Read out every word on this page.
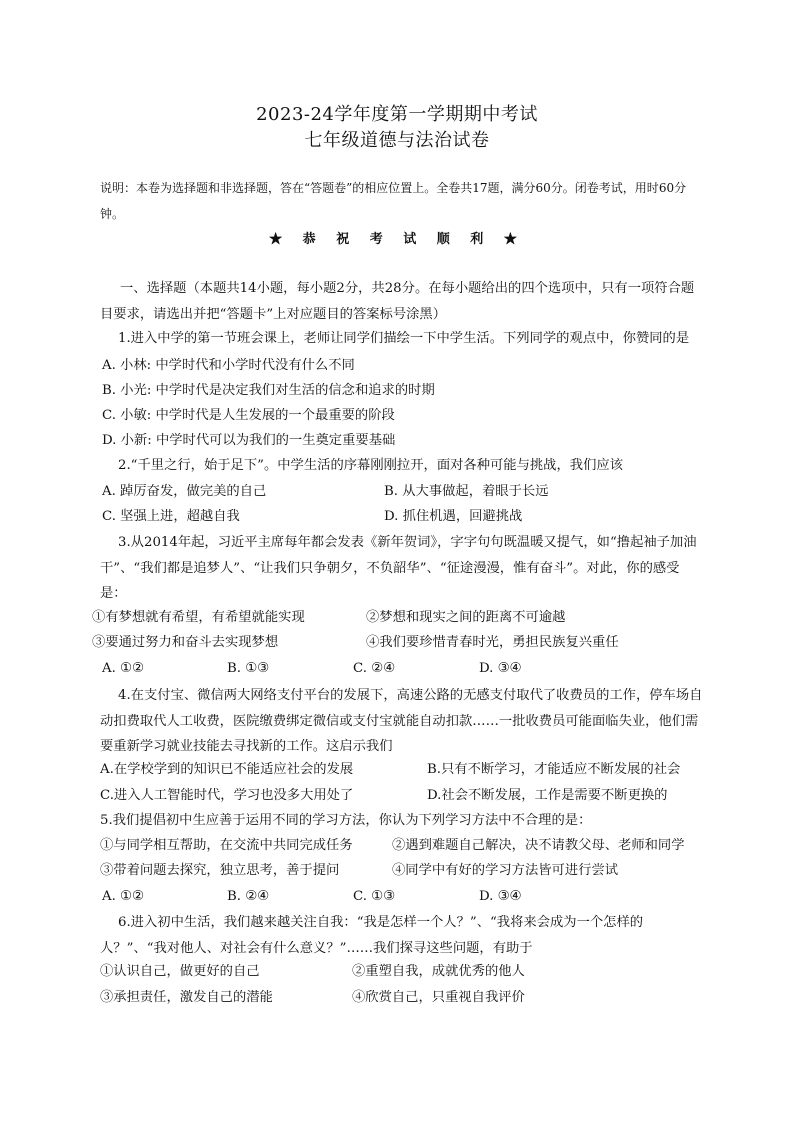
2023-24学年度第一学期期中考试
七年级道德与法治试卷
说明：本卷为选择题和非选择题，答在“答题卷”的相应位置上。全卷共17题，满分60分。闭卷考试，用时60分钟。
★ 恭 祝 考 试 顺 利 ★
一、选择题（本题共14小题，每小题2分，共28分。在每小题给出的四个选项中，只有一项符合题目要求，请选出并把“答题卡”上对应题目的答案标号涂黑）
1.进入中学的第一节班会课上，老师让同学们描绘一下中学生活。下列同学的观点中，你赞同的是
A. 小林: 中学时代和小学时代没有什么不同
B. 小光: 中学时代是决定我们对生活的信念和追求的时期
C. 小敏: 中学时代是人生发展的一个最重要的阶段
D. 小新: 中学时代可以为我们的一生奠定重要基础
2.“千里之行，始于足下”。中学生活的序幕刚刚拉开，面对各种可能与挑战，我们应该
A. 踔厉奋发，做完美的自己	B. 从大事做起，着眼于长远
C. 坚强上进，超越自我	D. 抓住机遇，回避挑战
3.从2014年起，习近平主席每年都会发表《新年贺词》，字字句句既温暖又提气，如“撸起袖子加油干”、“我们都是追梦人”、“让我们只争朝夕，不负韶华”、“征途漫漫，惟有奋斗”。对此，你的感受是：
①有梦想就有希望，有希望就能实现	②梦想和现实之间的距离不可逾越
③要通过努力和奋斗去实现梦想	④我们要珍惜青春时光，勇担民族复兴重任
A. ①②	B. ①③	C. ②④	D. ③④
4.在支付宝、微信两大网络支付平台的发展下，高速公路的无感支付取代了收费员的工作，停车场自动扣费取代人工收费，医院缴费绑定微信或支付宝就能自动扣款……一批收费员可能面临失业，他们需要重新学习就业技能去寻找新的工作。这启示我们
A.在学校学到的知识已不能适应社会的发展	B.只有不断学习，才能适应不断发展的社会
C.进入人工智能时代，学习也没多大用处了	D.社会不断发展，工作是需要不断更换的
5.我们提倡初中生应善于运用不同的学习方法，你认为下列学习方法中不合理的是：
①与同学相互帮助，在交流中共同完成任务	②遇到难题自己解决，决不请教父母、老师和同学
③带着问题去探究，独立思考，善于提问	④同学中有好的学习方法皆可进行尝试
A. ①②	B. ②④	C. ①③	D. ③④
6.进入初中生活，我们越来越关注自我：“我是怎样一个人？”、“我将来会成为一个怎样的人？”、“我对他人、对社会有什么意义？”……我们探寻这些问题，有助于
①认识自己，做更好的自己	②重塑自我，成就优秀的他人
③承担责任，激发自己的潜能	④欣赏自己，只重视自我评价
